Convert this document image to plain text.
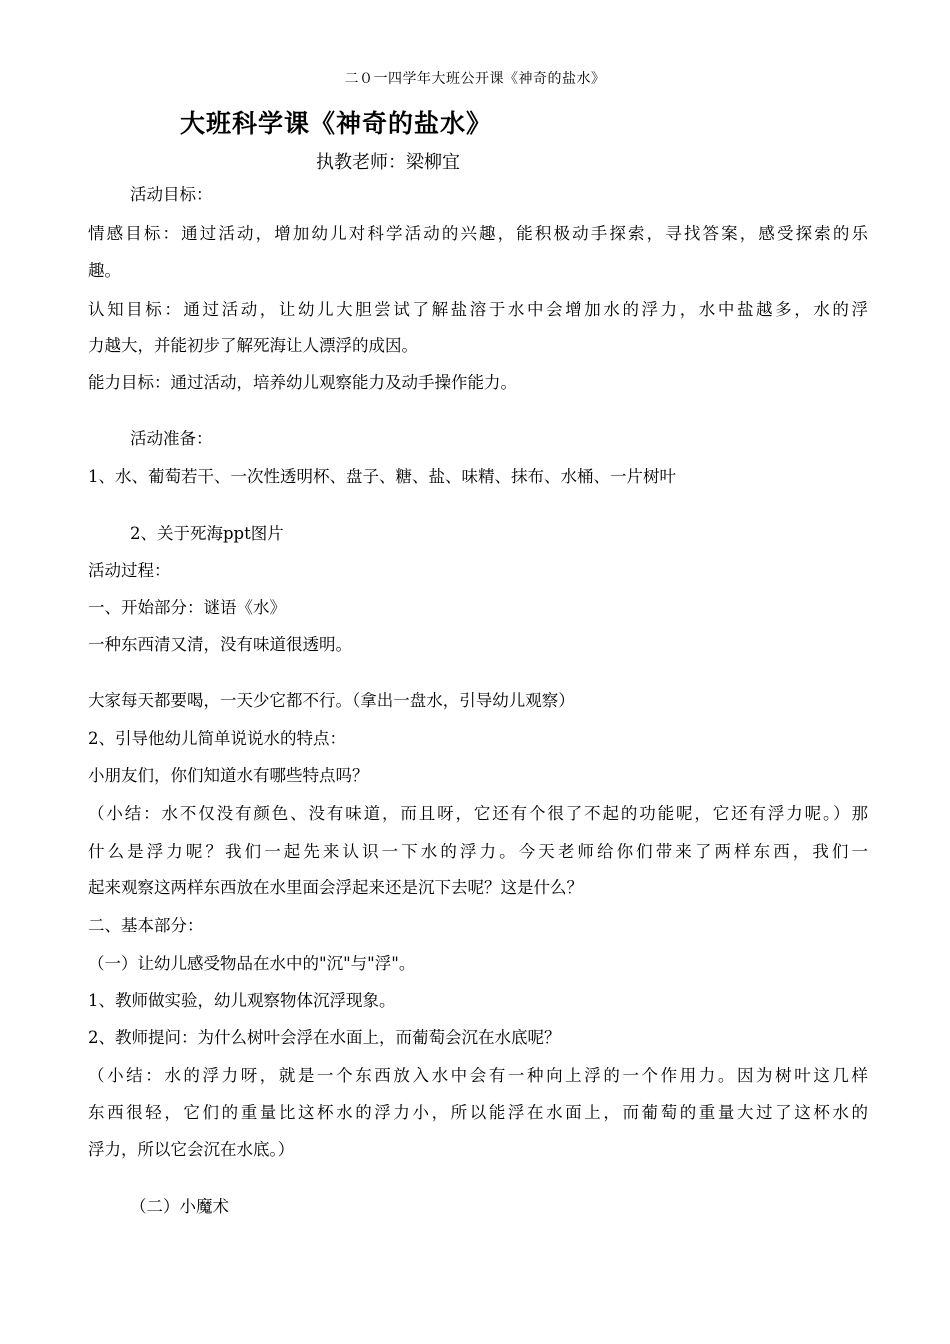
二０一四学年大班公开课《神奇的盐水》
大班科学课《神奇的盐水》
执教老师：梁柳宜
活动目标：
情感目标：通过活动，增加幼儿对科学活动的兴趣，能积极动手探索，寻找答案，感受探索的乐
趣。
认知目标：通过活动，让幼儿大胆尝试了解盐溶于水中会增加水的浮力，水中盐越多，水的浮
力越大，并能初步了解死海让人漂浮的成因。
能力目标：通过活动，培养幼儿观察能力及动手操作能力。
活动准备：
1、水、葡萄若干、一次性透明杯、盘子、糖、盐、味精、抹布、水桶、一片树叶
2、关于死海ppt图片
活动过程：
一、开始部分：谜语《水》
一种东西清又清，没有味道很透明。
大家每天都要喝，一天少它都不行。（拿出一盘水，引导幼儿观察）
2、引导他幼儿简单说说水的特点：
小朋友们，你们知道水有哪些特点吗？
（小结：水不仅没有颜色、没有味道，而且呀，它还有个很了不起的功能呢，它还有浮力呢。）那
什么是浮力呢？我们一起先来认识一下水的浮力。今天老师给你们带来了两样东西，我们一
起来观察这两样东西放在水里面会浮起来还是沉下去呢？这是什么？
二、基本部分：
（一）让幼儿感受物品在水中的"沉"与"浮"。
1、教师做实验，幼儿观察物体沉浮现象。
2、教师提问：为什么树叶会浮在水面上，而葡萄会沉在水底呢？
（小结：水的浮力呀，就是一个东西放入水中会有一种向上浮的一个作用力。因为树叶这几样
东西很轻，它们的重量比这杯水的浮力小，所以能浮在水面上，而葡萄的重量大过了这杯水的
浮力，所以它会沉在水底。）
（二）小魔术
